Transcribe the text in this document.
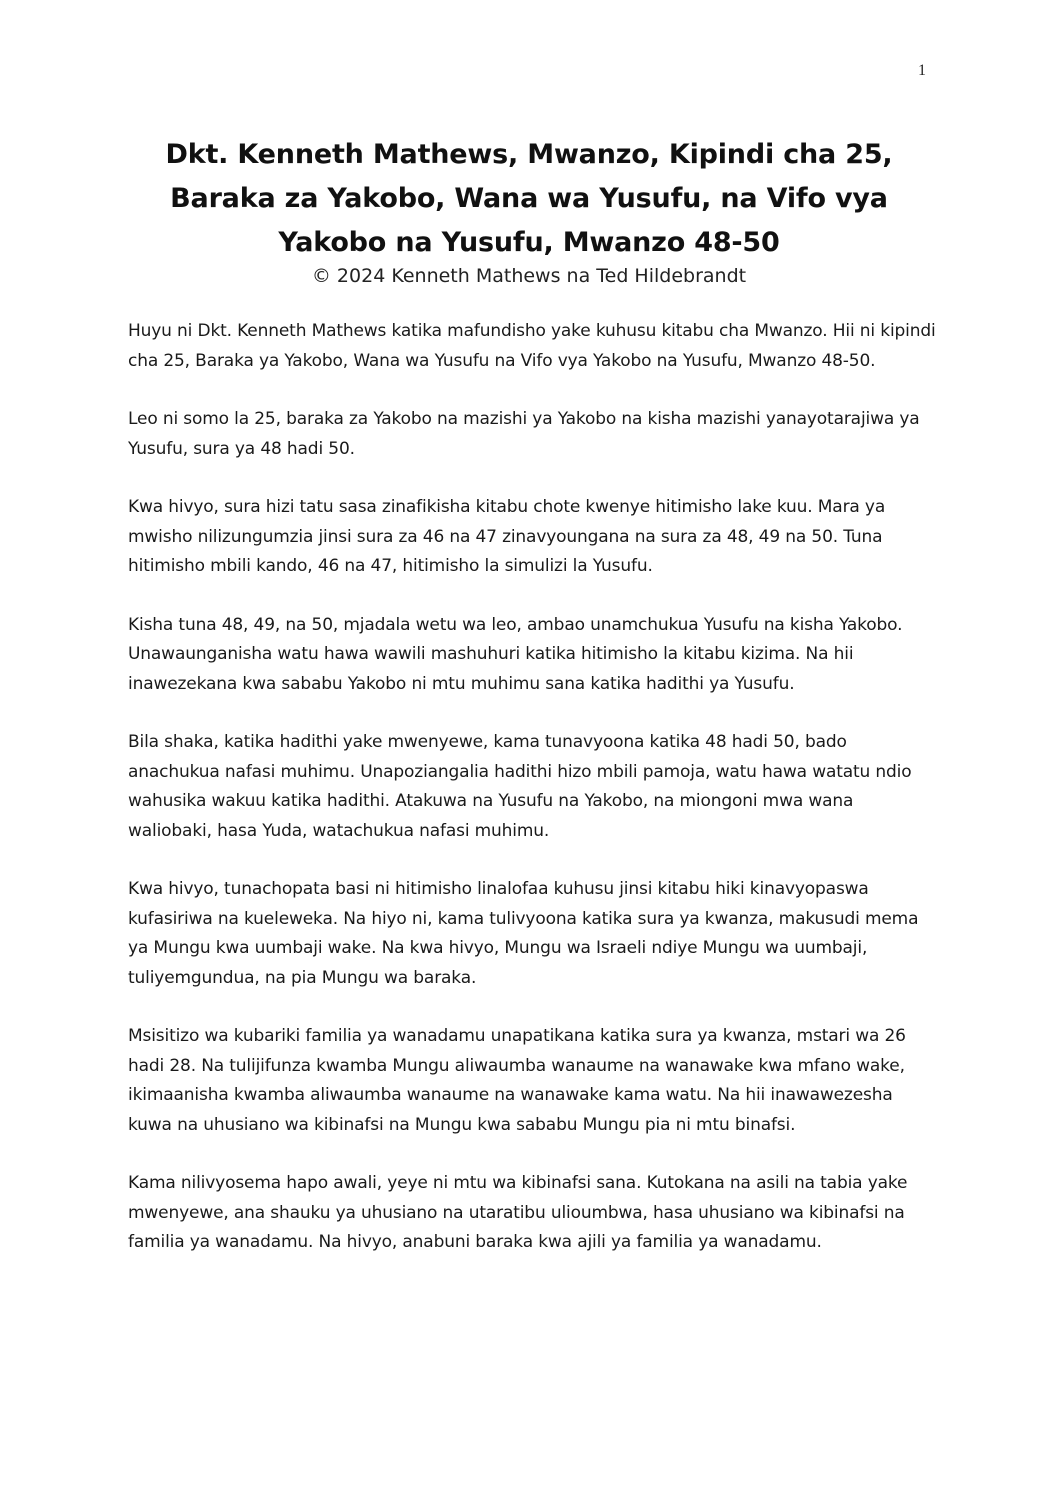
1
Dkt. Kenneth Mathews, Mwanzo, Kipindi cha 25,
Baraka za Yakobo, Wana wa Yusufu, na Vifo vya
Yakobo na Yusufu, Mwanzo 48-50
© 2024 Kenneth Mathews na Ted Hildebrandt

Huyu ni Dkt. Kenneth Mathews katika mafundisho yake kuhusu kitabu cha Mwanzo. Hii ni kipindi cha 25, Baraka ya Yakobo, Wana wa Yusufu na Vifo vya Yakobo na Yusufu, Mwanzo 48-50.

Leo ni somo la 25, baraka za Yakobo na mazishi ya Yakobo na kisha mazishi yanayotarajiwa ya Yusufu, sura ya 48 hadi 50.

Kwa hivyo, sura hizi tatu sasa zinafikisha kitabu chote kwenye hitimisho lake kuu. Mara ya mwisho nilizungumzia jinsi sura za 46 na 47 zinavyoungana na sura za 48, 49 na 50. Tuna hitimisho mbili kando, 46 na 47, hitimisho la simulizi la Yusufu.

Kisha tuna 48, 49, na 50, mjadala wetu wa leo, ambao unamchukua Yusufu na kisha Yakobo. Unawaunganisha watu hawa wawili mashuhuri katika hitimisho la kitabu kizima. Na hii inawezekana kwa sababu Yakobo ni mtu muhimu sana katika hadithi ya Yusufu.

Bila shaka, katika hadithi yake mwenyewe, kama tunavyoona katika 48 hadi 50, bado anachukua nafasi muhimu. Unapoziangalia hadithi hizo mbili pamoja, watu hawa watatu ndio wahusika wakuu katika hadithi. Atakuwa na Yusufu na Yakobo, na miongoni mwa wana waliobaki, hasa Yuda, watachukua nafasi muhimu.

Kwa hivyo, tunachopata basi ni hitimisho linalofaa kuhusu jinsi kitabu hiki kinavyopaswa kufasiriwa na kueleweka. Na hiyo ni, kama tulivyoona katika sura ya kwanza, makusudi mema ya Mungu kwa uumbaji wake. Na kwa hivyo, Mungu wa Israeli ndiye Mungu wa uumbaji, tuliyemgundua, na pia Mungu wa baraka.

Msisitizo wa kubariki familia ya wanadamu unapatikana katika sura ya kwanza, mstari wa 26 hadi 28. Na tulijifunza kwamba Mungu aliwaumba wanaume na wanawake kwa mfano wake, ikimaanisha kwamba aliwaumba wanaume na wanawake kama watu. Na hii inawawezesha kuwa na uhusiano wa kibinafsi na Mungu kwa sababu Mungu pia ni mtu binafsi.

Kama nilivyosema hapo awali, yeye ni mtu wa kibinafsi sana. Kutokana na asili na tabia yake mwenyewe, ana shauku ya uhusiano na utaratibu ulioumbwa, hasa uhusiano wa kibinafsi na familia ya wanadamu. Na hivyo, anabuni baraka kwa ajili ya familia ya wanadamu.
